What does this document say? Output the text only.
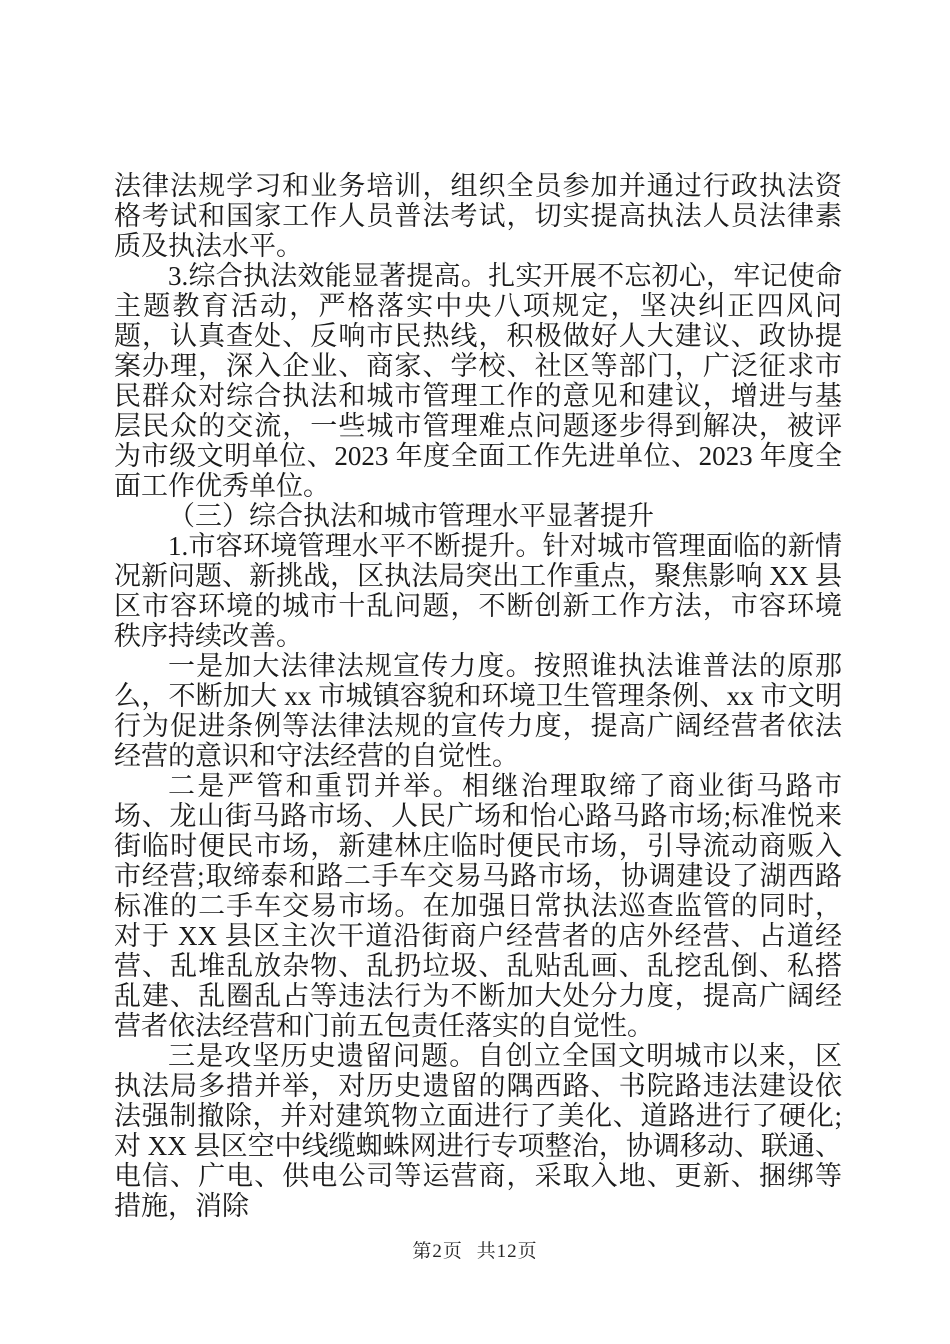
法律法规学习和业务培训，组织全员参加并通过行政执法资格考试和国家工作人员普法考试，切实提高执法人员法律素质及执法水平。

3.综合执法效能显著提高。扎实开展不忘初心，牢记使命主题教育活动，严格落实中央八项规定，坚决纠正四风问题，认真查处、反响市民热线，积极做好人大建议、政协提案办理，深入企业、商家、学校、社区等部门，广泛征求市民群众对综合执法和城市管理工作的意见和建议，增进与基层民众的交流，一些城市管理难点问题逐步得到解决，被评为市级文明单位、2023 年度全面工作先进单位、2023 年度全面工作优秀单位。

（三）综合执法和城市管理水平显著提升

1.市容环境管理水平不断提升。针对城市管理面临的新情况新问题、新挑战，区执法局突出工作重点，聚焦影响 XX 县区市容环境的城市十乱问题，不断创新工作方法，市容环境秩序持续改善。

一是加大法律法规宣传力度。按照谁执法谁普法的原那么，不断加大 xx 市城镇容貌和环境卫生管理条例、xx 市文明行为促进条例等法律法规的宣传力度，提高广阔经营者依法经营的意识和守法经营的自觉性。

二是严管和重罚并举。相继治理取缔了商业街马路市场、龙山街马路市场、人民广场和怡心路马路市场;标准悦来街临时便民市场，新建林庄临时便民市场，引导流动商贩入市经营;取缔泰和路二手车交易马路市场，协调建设了湖西路标准的二手车交易市场。在加强日常执法巡查监管的同时，对于 XX 县区主次干道沿街商户经营者的店外经营、占道经营、乱堆乱放杂物、乱扔垃圾、乱贴乱画、乱挖乱倒、私搭乱建、乱圈乱占等违法行为不断加大处分力度，提高广阔经营者依法经营和门前五包责任落实的自觉性。

三是攻坚历史遗留问题。自创立全国文明城市以来，区执法局多措并举，对历史遗留的隅西路、书院路违法建设依法强制撤除，并对建筑物立面进行了美化、道路进行了硬化;对 XX 县区空中线缆蜘蛛网进行专项整治，协调移动、联通、电信、广电、供电公司等运营商，采取入地、更新、捆绑等措施，消除

第2页 共12页
